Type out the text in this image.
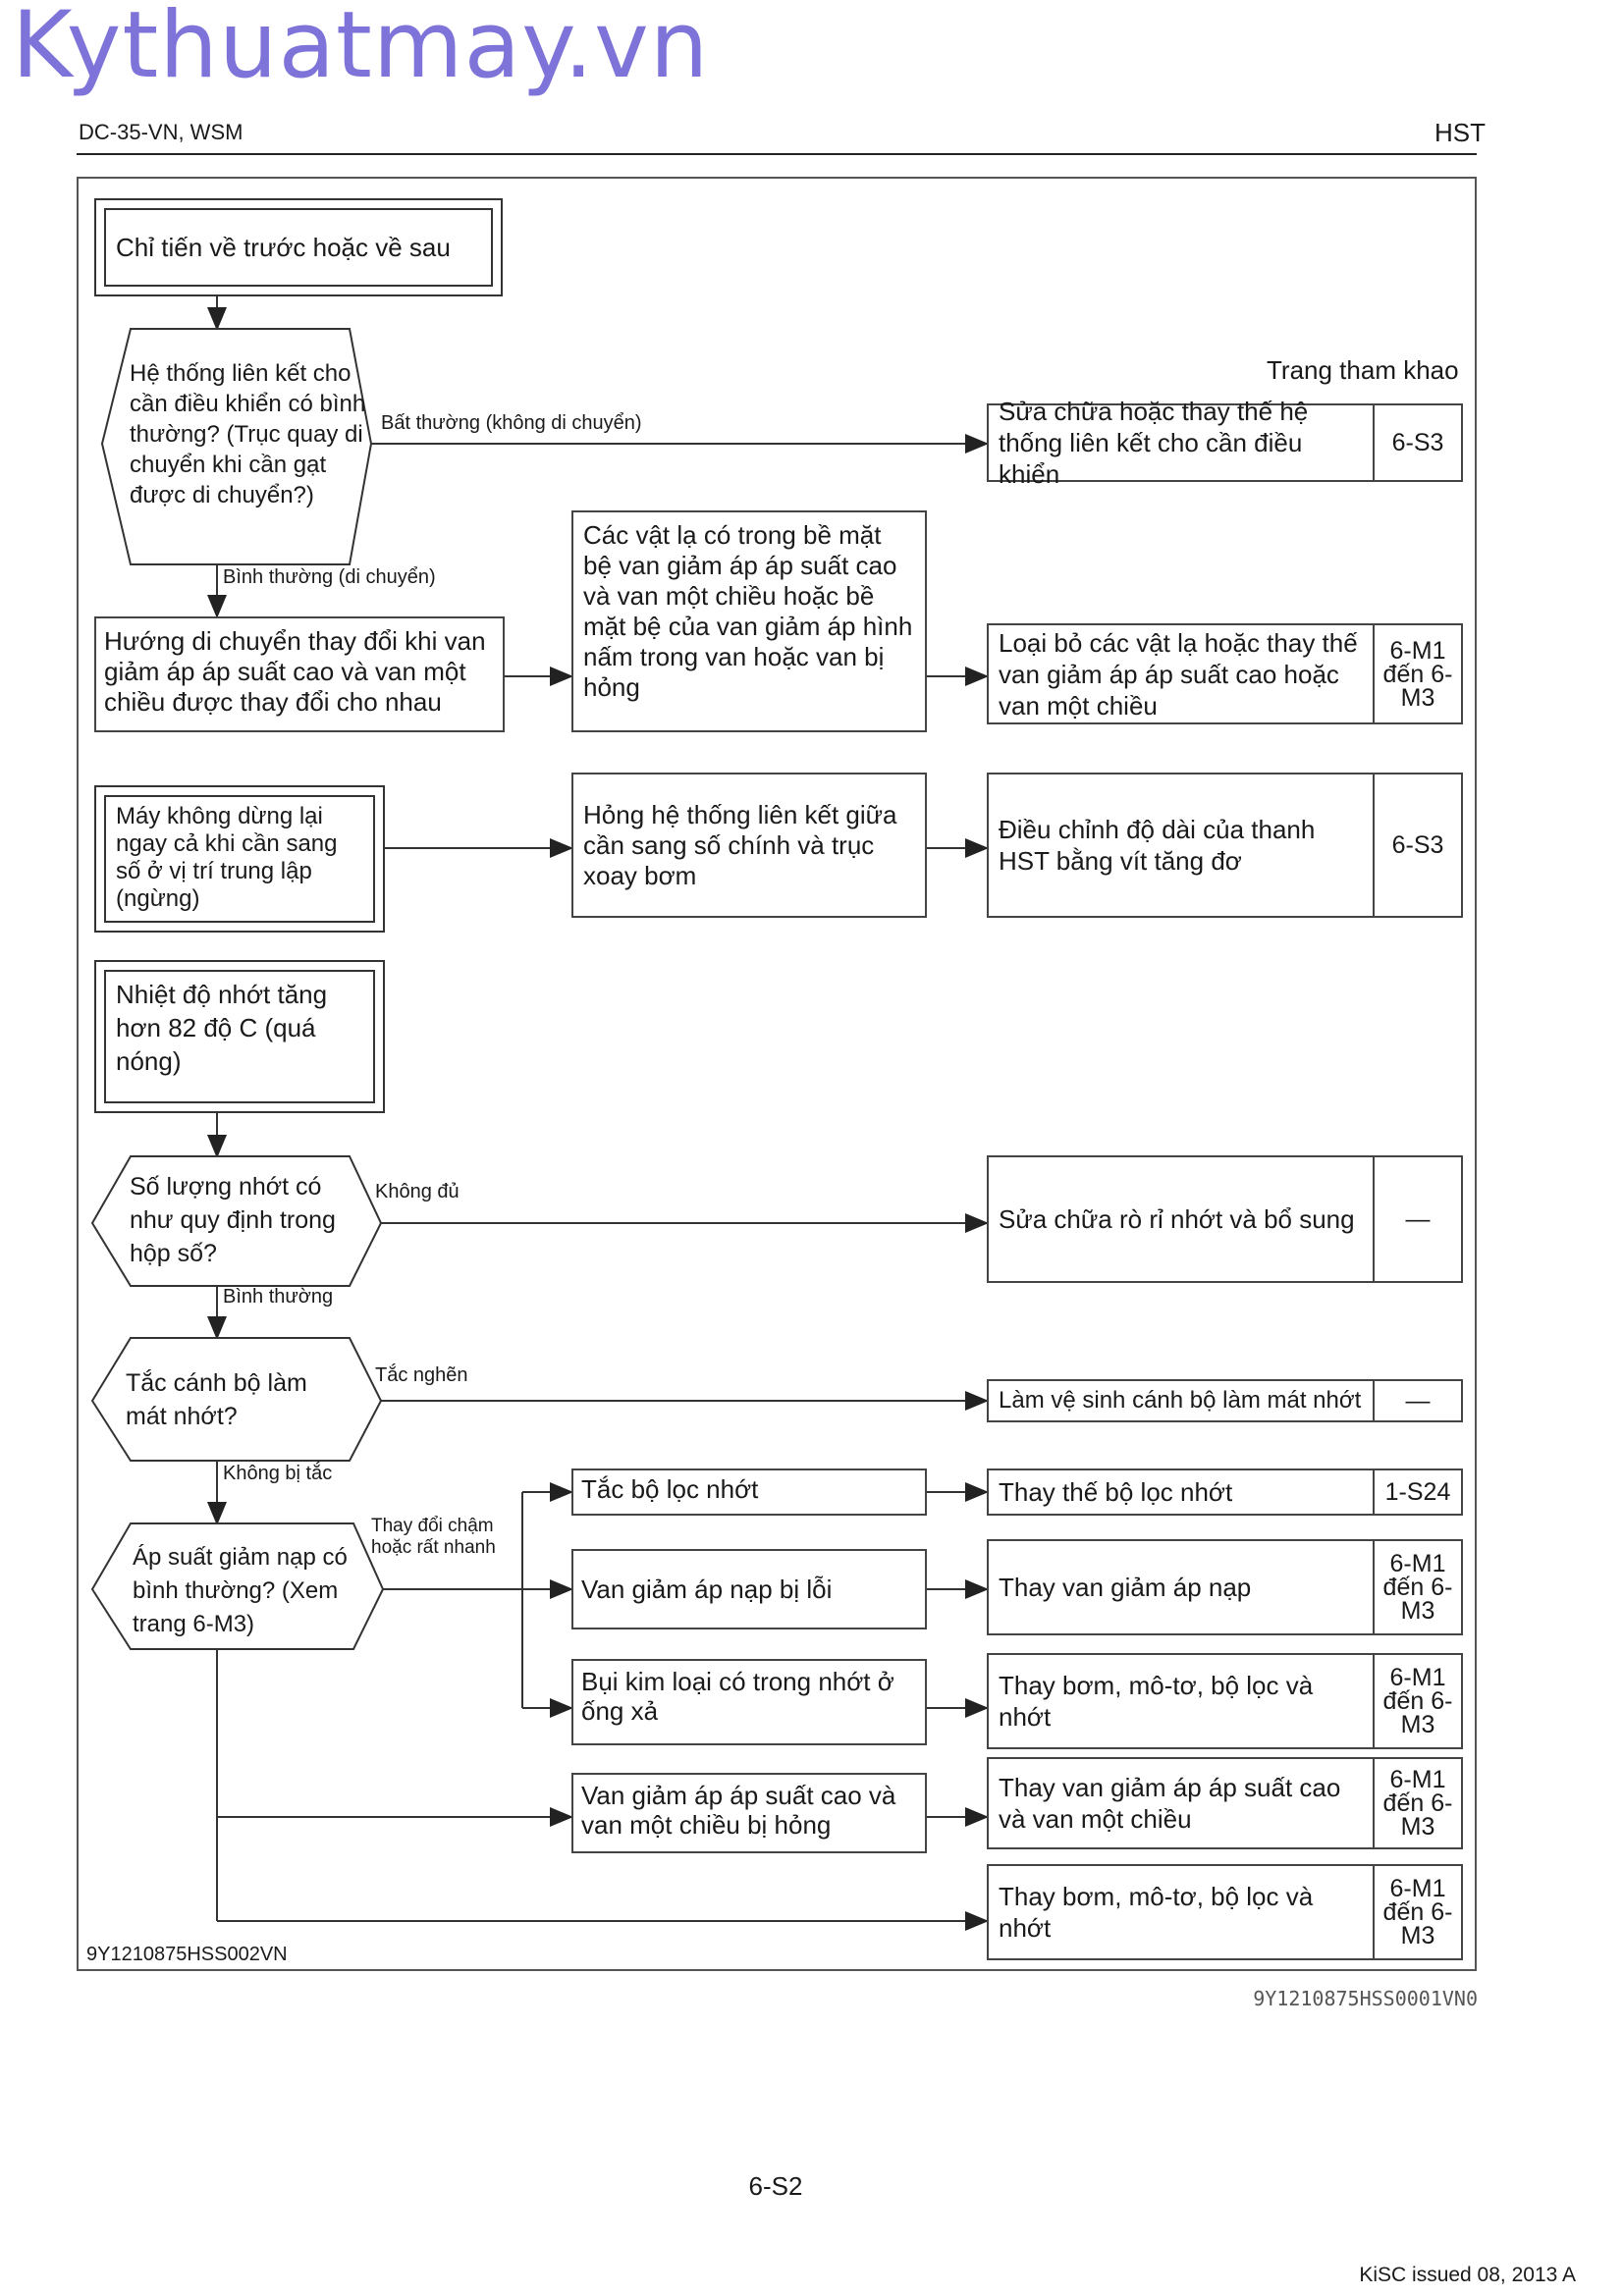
Kythuatmay.vn
DC-35-VN, WSM	HST
Trang tham khao
Chỉ tiến về trước hoặc về sau
Hệ thống liên kết cho cần điều khiển có bình thường? (Trục quay di chuyển khi cần gạt được di chuyển?)
Bất thường (không di chuyển)
Bình thường (di chuyển)
Sửa chữa hoặc thay thế hệ thống liên kết cho cần điều khiển
6-S3
Hướng di chuyển thay đổi khi van giảm áp áp suất cao và van một chiều được thay đổi cho nhau
Các vật lạ có trong bề mặt bệ van giảm áp áp suất cao và van một chiều hoặc bề mặt bệ của van giảm áp hình nấm trong van hoặc van bị hỏng
Loại bỏ các vật lạ hoặc thay thế van giảm áp áp suất cao hoặc van một chiều
6-M1 đến 6-M3
Máy không dừng lại ngay cả khi cần sang số ở vị trí trung lập (ngừng)
Hỏng hệ thống liên kết giữa cần sang số chính và trục xoay bơm
Điều chỉnh độ dài của thanh HST bằng vít tăng đơ
6-S3
Nhiệt độ nhớt tăng hơn 82 độ C (quá nóng)
Số lượng nhớt có như quy định trong hộp số?
Không đủ
Bình thường
Sửa chữa rò rỉ nhớt và bổ sung	—
Tắc cánh bộ làm mát nhớt?
Tắc nghẽn
Không bị tắc
Làm vệ sinh cánh bộ làm mát nhớt	—
Áp suất giảm nạp có bình thường? (Xem trang 6-M3)
Thay đổi chậm hoặc rất nhanh
Tắc bộ lọc nhớt	Thay thế bộ lọc nhớt	1-S24
Van giảm áp nạp bị lỗi	Thay van giảm áp nạp
6-M1 đến 6-M3
Bụi kim loại có trong nhớt ở ống xả
Thay bơm, mô-tơ, bộ lọc và nhớt
6-M1 đến 6-M3
Van giảm áp áp suất cao và van một chiều bị hỏng
Thay van giảm áp áp suất cao và van một chiều
6-M1 đến 6-M3
Thay bơm, mô-tơ, bộ lọc và nhớt
6-M1 đến 6-M3
9Y1210875HSS002VN
9Y1210875HSS0001VN0
6-S2
KiSC issued 08, 2013 A
